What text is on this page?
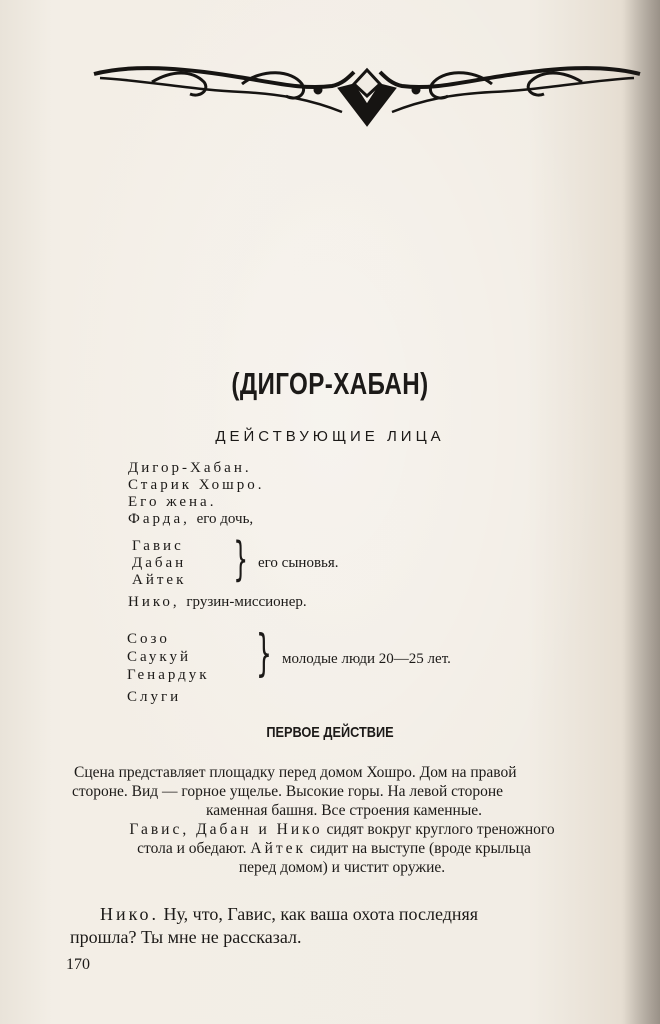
(ДИГОР-ХАБАН)
ДЕЙСТВУЮЩИЕ ЛИЦА
Дигор-Хабан.
Старик Хошро.
Его жена.
Фарда, его дочь,
Гавис
Дабан
Айтек } его сыновья.
Нико, грузин-миссионер.
Созо
Саукуй
Генардук } молодые люди 20—25 лет.
Слуги
ПЕРВОЕ ДЕЙСТВИЕ
Сцена представляет площадку перед домом Хошро. Дом на правой
стороне. Вид — горное ущелье. Высокие горы. На левой стороне
каменная башня. Все строения каменные.
Гавис, Дабан и Нико сидят вокруг круглого треножного
стола и обедают. Айтек сидит на выступе (вроде крыльца
перед домом) и чистит оружие.
Нико. Ну, что, Гавис, как ваша охота последняя
прошла? Ты мне не рассказал.
170
